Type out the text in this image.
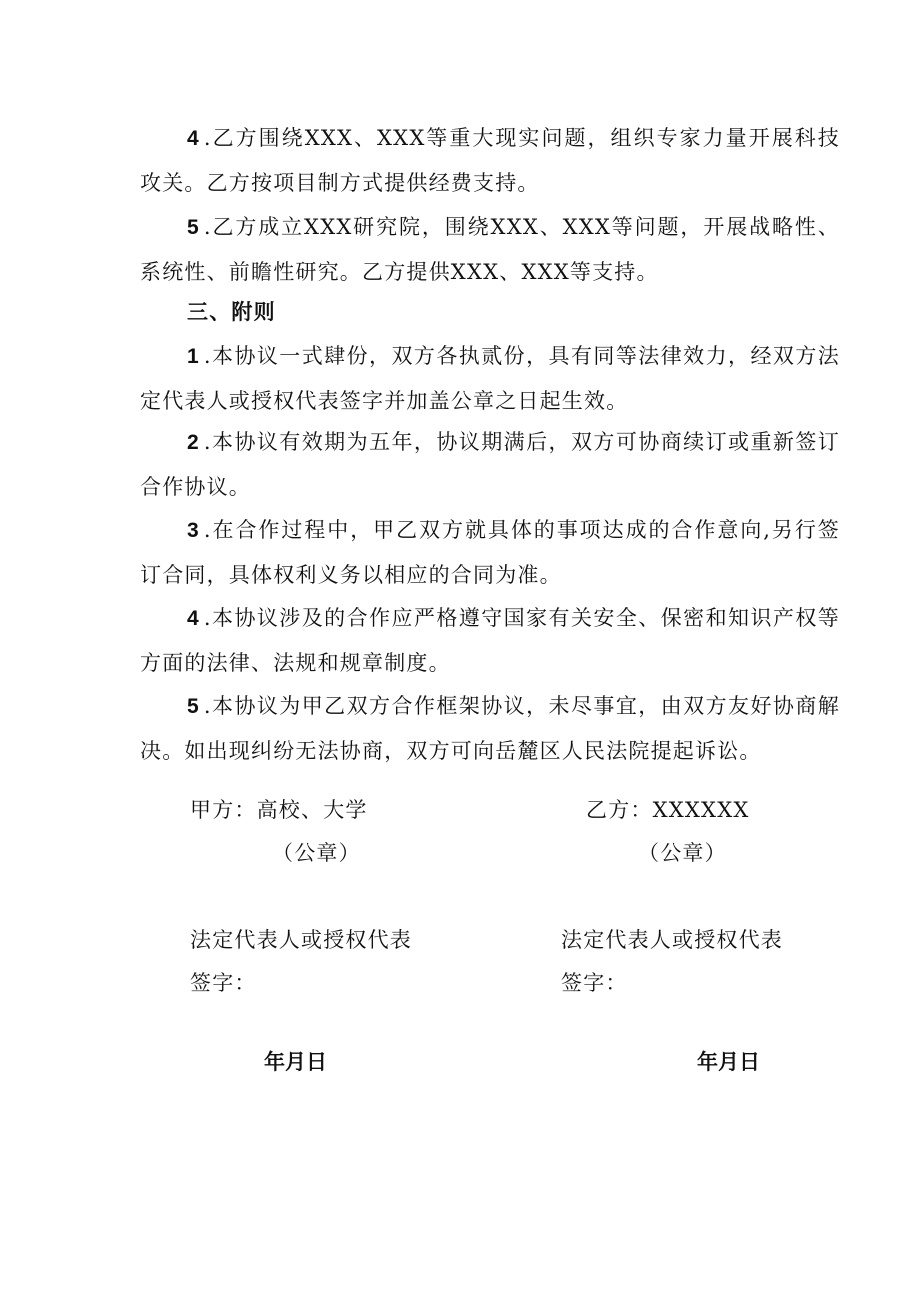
4 .乙方围绕XXX、XXX等重大现实问题，组织专家力量开展科技攻关。乙方按项目制方式提供经费支持。

5 .乙方成立XXX研究院，围绕XXX、XXX等问题，开展战略性、系统性、前瞻性研究。乙方提供XXX、XXX等支持。

三、附则

1 .本协议一式肆份，双方各执贰份，具有同等法律效力，经双方法定代表人或授权代表签字并加盖公章之日起生效。

2 .本协议有效期为五年，协议期满后，双方可协商续订或重新签订合作协议。

3 .在合作过程中，甲乙双方就具体的事项达成的合作意向,另行签订合同，具体权利义务以相应的合同为准。

4 .本协议涉及的合作应严格遵守国家有关安全、保密和知识产权等方面的法律、法规和规章制度。

5 .本协议为甲乙双方合作框架协议，未尽事宜，由双方友好协商解决。如出现纠纷无法协商，双方可向岳麓区人民法院提起诉讼。

甲方：高校、大学
（公章）
法定代表人或授权代表
签字：
年月日
乙方：XXXXXX
（公章）
法定代表人或授权代表
签字：
年月日
